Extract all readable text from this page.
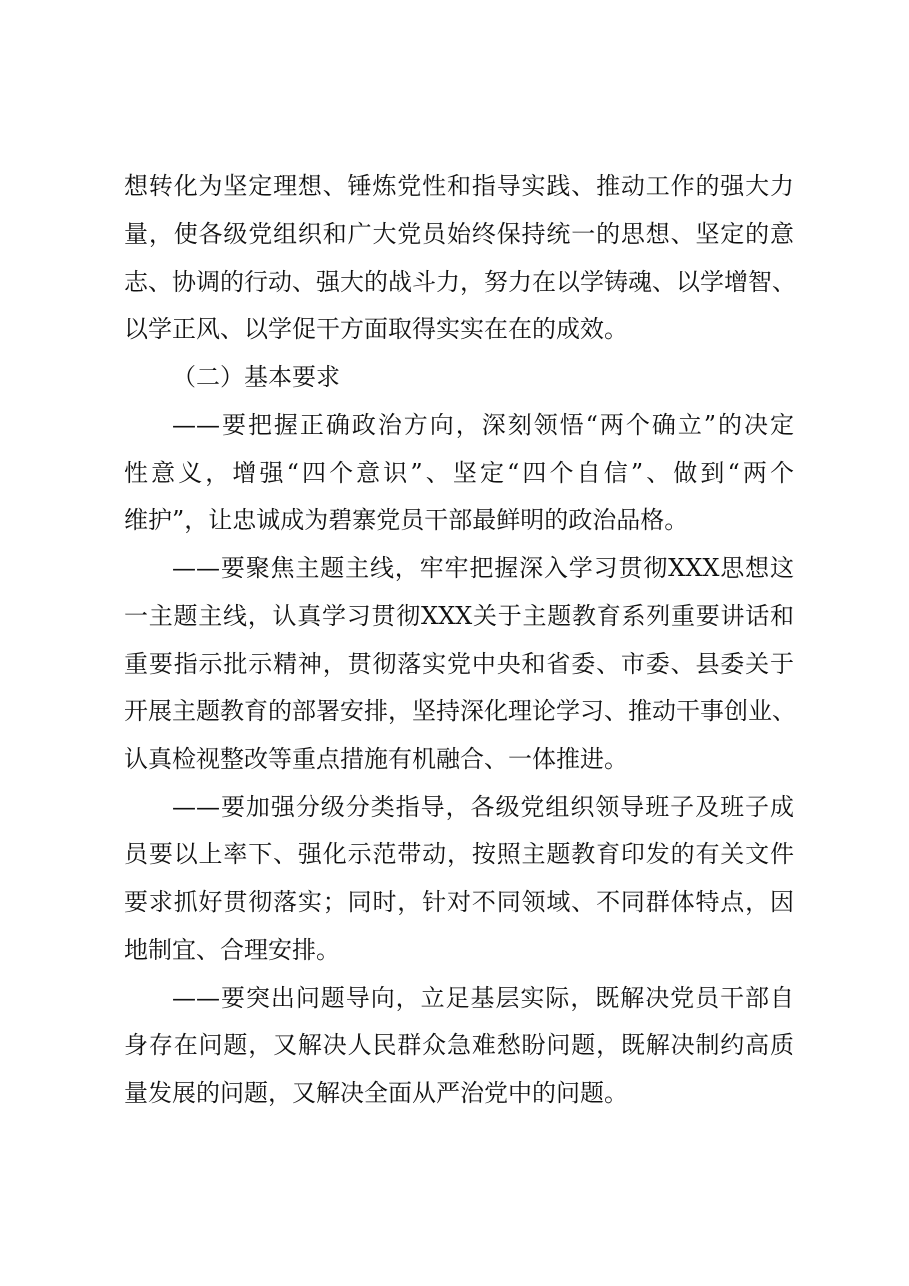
想转化为坚定理想、锤炼党性和指导实践、推动工作的强大力
量，使各级党组织和广大党员始终保持统一的思想、坚定的意
志、协调的行动、强大的战斗力，努力在以学铸魂、以学增智、
以学正风、以学促干方面取得实实在在的成效。
（二）基本要求
——要把握正确政治方向，深刻领悟“两个确立”的决定
性意义，增强“四个意识”、坚定“四个自信”、做到“两个
维护”，让忠诚成为碧寨党员干部最鲜明的政治品格。
——要聚焦主题主线，牢牢把握深入学习贯彻XXX思想这
一主题主线，认真学习贯彻XXX关于主题教育系列重要讲话和
重要指示批示精神，贯彻落实党中央和省委、市委、县委关于
开展主题教育的部署安排，坚持深化理论学习、推动干事创业、
认真检视整改等重点措施有机融合、一体推进。
——要加强分级分类指导，各级党组织领导班子及班子成
员要以上率下、强化示范带动，按照主题教育印发的有关文件
要求抓好贯彻落实；同时，针对不同领域、不同群体特点，因
地制宜、合理安排。
——要突出问题导向，立足基层实际，既解决党员干部自
身存在问题，又解决人民群众急难愁盼问题，既解决制约高质
量发展的问题，又解决全面从严治党中的问题。
